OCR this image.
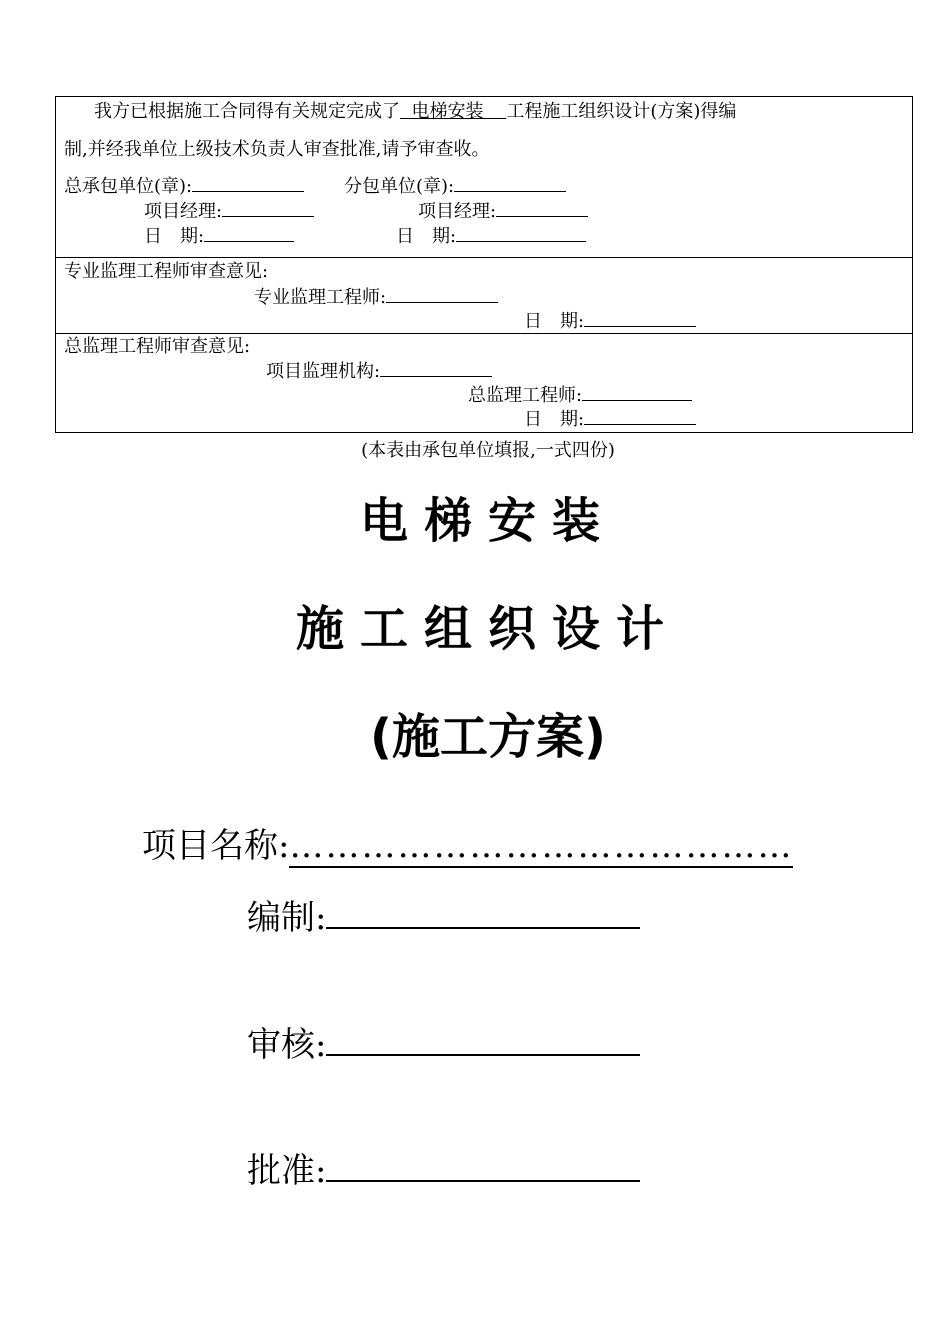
我方已根据施工合同得有关规定完成了 电梯安装 工程施工组织设计(方案)得编
制,并经我单位上级技术负责人审查批准,请予审查收。
总承包单位(章):	分包单位(章):
项目经理:	项目经理:
日　期:	日　期:
专业监理工程师审查意见:
专业监理工程师:
日　期:
总监理工程师审查意见:
项目监理机构:
总监理工程师:
日　期:
(本表由承包单位填报,一式四份)
电梯安装
施工组织设计
(施工方案)
项目名称:……………………………………
编制:
审核:
批准:
